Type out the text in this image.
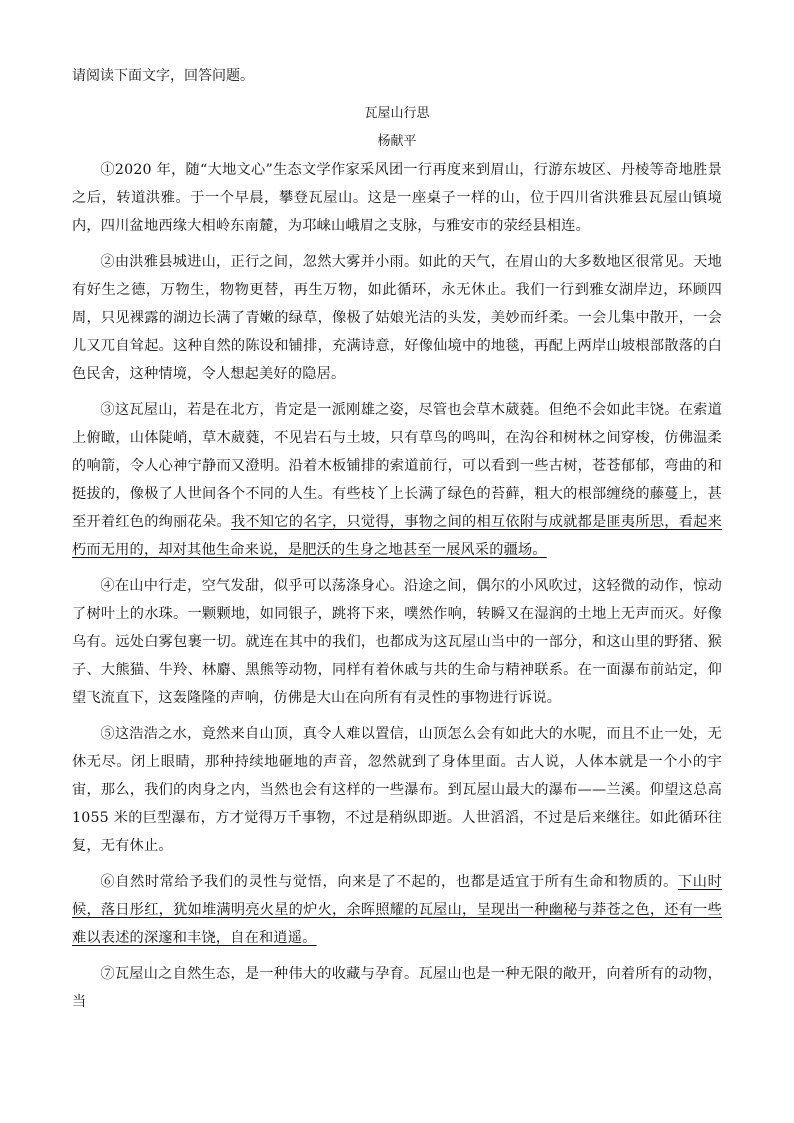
请阅读下面文字，回答问题。

瓦屋山行思

杨献平

①2020 年，随“大地文心”生态文学作家采风团一行再度来到眉山，行游东坡区、丹棱等奇地胜景之后，转道洪雅。于一个早晨，攀登瓦屋山。这是一座桌子一样的山，位于四川省洪雅县瓦屋山镇境内，四川盆地西缘大相岭东南麓，为邛崃山峨眉之支脉，与雅安市的荥经县相连。

②由洪雅县城进山，正行之间，忽然大雾并小雨。如此的天气，在眉山的大多数地区很常见。天地有好生之德，万物生，物物更替，再生万物，如此循环，永无休止。我们一行到雅女湖岸边，环顾四周，只见裸露的湖边长满了青嫩的绿草，像极了姑娘光洁的头发，美妙而纤柔。一会儿集中散开，一会儿又兀自耸起。这种自然的陈设和铺排，充满诗意，好像仙境中的地毯，再配上两岸山坡根部散落的白色民舍，这种情境，令人想起美好的隐居。

③这瓦屋山，若是在北方，肯定是一派刚雄之姿，尽管也会草木葳蕤。但绝不会如此丰饶。在索道上俯瞰，山体陡峭，草木葳蕤，不见岩石与土坡，只有草鸟的鸣叫，在沟谷和树林之间穿梭，仿佛温柔的响箭，令人心神宁静而又澄明。沿着木板铺排的索道前行，可以看到一些古树，苍苍郁郁，弯曲的和挺拔的，像极了人世间各个不同的人生。有些枝丫上长满了绿色的苔藓，粗大的根部缠绕的藤蔓上，甚至开着红色的绚丽花朵。我不知它的名字，只觉得，事物之间的相互依附与成就都是匪夷所思，看起来朽而无用的，却对其他生命来说，是肥沃的生身之地甚至一展风采的疆场。

④在山中行走，空气发甜，似乎可以荡涤身心。沿途之间，偶尔的小风吹过，这轻微的动作，惊动了树叶上的水珠。一颗颗地，如同银子，跳将下来，噗然作响，转瞬又在湿润的土地上无声而灭。好像乌有。远处白雾包裹一切。就连在其中的我们，也都成为这瓦屋山当中的一部分，和这山里的野猪、猴子、大熊猫、牛羚、林麝、黑熊等动物，同样有着休戚与共的生命与精神联系。在一面瀑布前站定，仰望飞流直下，这轰隆隆的声响，仿佛是大山在向所有有灵性的事物进行诉说。

⑤这浩浩之水，竟然来自山顶，真令人难以置信，山顶怎么会有如此大的水呢，而且不止一处，无休无尽。闭上眼睛，那种持续地砸地的声音，忽然就到了身体里面。古人说，人体本就是一个小的宇宙，那么，我们的肉身之内，当然也会有这样的一些瀑布。到瓦屋山最大的瀑布——兰溪。仰望这总高 1055 米的巨型瀑布，方才觉得万千事物，不过是稍纵即逝。人世滔滔，不过是后来继往。如此循环往复，无有休止。

⑥自然时常给予我们的灵性与觉悟，向来是了不起的，也都是适宜于所有生命和物质的。下山时候，落日彤红，犹如堆满明亮火星的炉火，余晖照耀的瓦屋山，呈现出一种幽秘与莽苍之色，还有一些难以表述的深邃和丰饶，自在和逍遥。

⑦瓦屋山之自然生态，是一种伟大的收藏与孕育。瓦屋山也是一种无限的敞开，向着所有的动物，当
